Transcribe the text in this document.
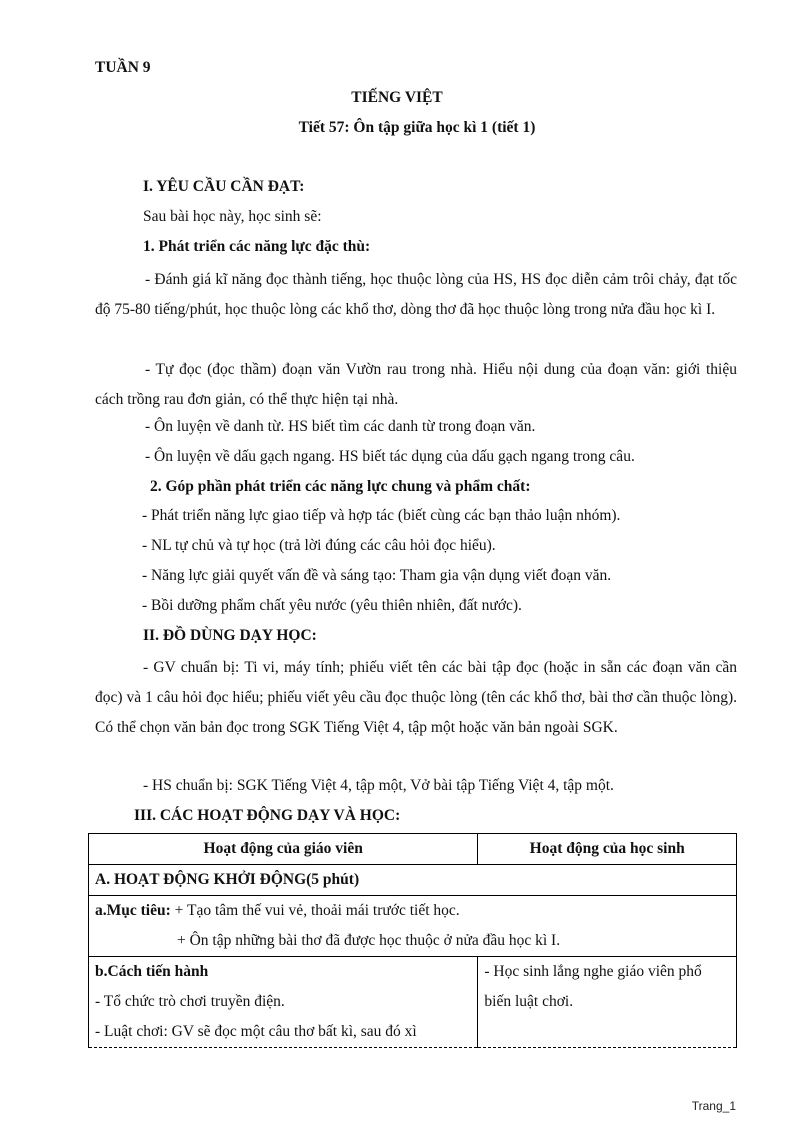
TUẦN 9
TIẾNG VIỆT
Tiết 57: Ôn tập giữa học kì 1 (tiết 1)
I. YÊU CẦU CẦN ĐẠT:
Sau bài học này, học sinh sẽ:
1. Phát triển các năng lực đặc thù:
- Đánh giá kĩ năng đọc thành tiếng, học thuộc lòng của HS, HS đọc diễn cảm trôi chảy, đạt tốc độ 75-80 tiếng/phút, học thuộc lòng các khổ thơ, dòng thơ đã học thuộc lòng trong nửa đầu học kì I.
- Tự đọc (đọc thầm) đoạn văn Vườn rau trong nhà. Hiểu nội dung của đoạn văn: giới thiệu cách trồng rau đơn giản, có thể thực hiện tại nhà.
- Ôn luyện về danh từ. HS biết tìm các danh từ trong đoạn văn.
- Ôn luyện về dấu gạch ngang. HS biết tác dụng của dấu gạch ngang trong câu.
2. Góp phần phát triển các năng lực chung và phẩm chất:
- Phát triển năng lực giao tiếp và hợp tác (biết cùng các bạn thảo luận nhóm).
- NL tự chủ và tự học (trả lời đúng các câu hỏi đọc hiểu).
- Năng lực giải quyết vấn đề và sáng tạo: Tham gia vận dụng viết đoạn văn.
- Bồi dưỡng phẩm chất yêu nước (yêu thiên nhiên, đất nước).
II. ĐỒ DÙNG DẠY HỌC:
- GV chuẩn bị: Ti vi, máy tính; phiếu viết tên các bài tập đọc (hoặc in sẵn các đoạn văn cần đọc) và 1 câu hỏi đọc hiểu; phiếu viết yêu cầu đọc thuộc lòng (tên các khổ thơ, bài thơ cần thuộc lòng). Có thể chọn văn bản đọc trong SGK Tiếng Việt 4, tập một hoặc văn bản ngoài SGK.
- HS chuẩn bị: SGK Tiếng Việt 4, tập một, Vở bài tập Tiếng Việt 4, tập một.
III. CÁC HOẠT ĐỘNG DẠY VÀ HỌC:
Hoạt động của giáo viên	Hoạt động của học sinh
A. HOẠT ĐỘNG KHỞI ĐỘNG(5 phút)	

a.Mục tiêu: + Tạo tâm thế vui vẻ, thoải mái trước tiết học.
+ Ôn tập những bài thơ đã được học thuộc ở nửa đầu học kì I.	

b.Cách tiến hành
- Tổ chức trò chơi truyền điện.
- Luật chơi: GV sẽ đọc một câu thơ bất kì, sau đó xì	- Học sinh lắng nghe giáo viên phổ
biến luật chơi.
Trang_1
